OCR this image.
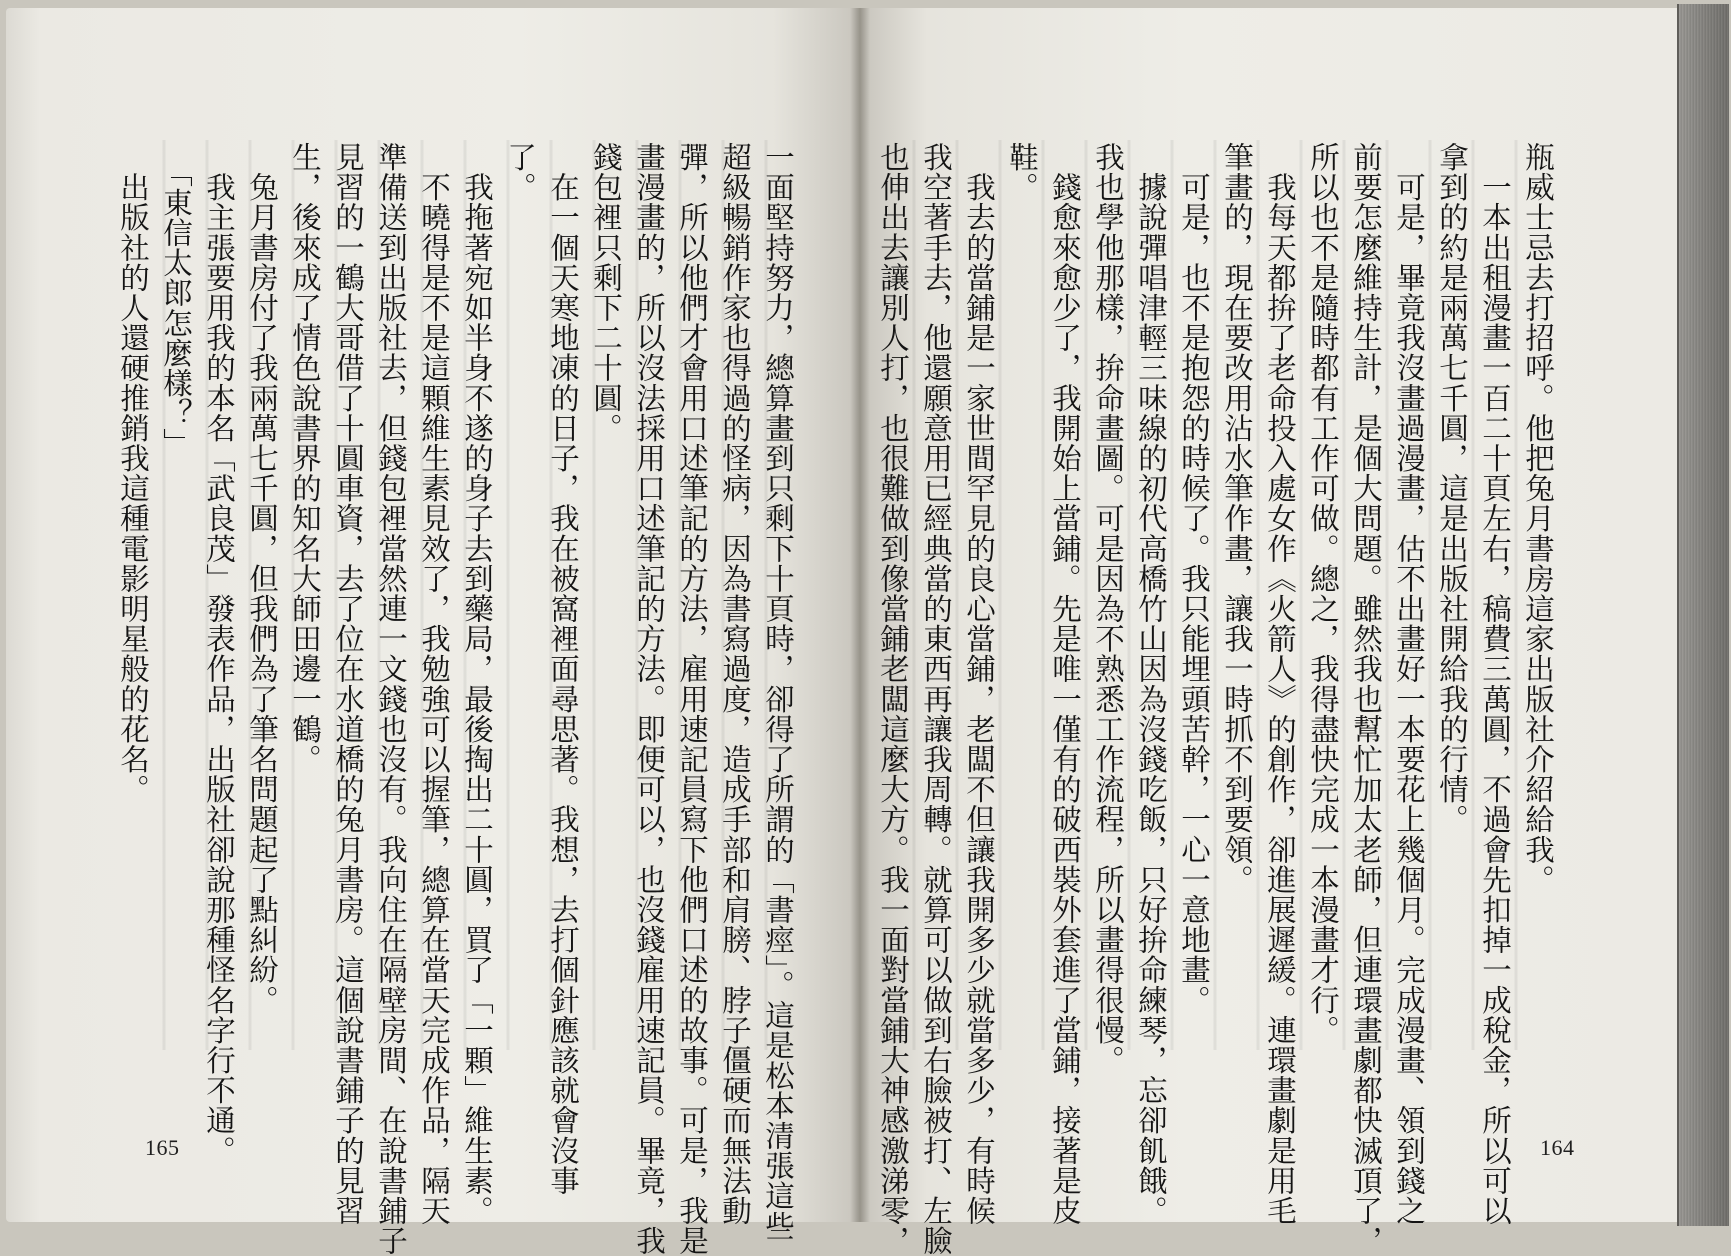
一面堅持努力，總算畫到只剩下十頁時，卻得了所謂的「書痙」。這是松本清張這些

超級暢銷作家也得過的怪病，因為書寫過度，造成手部和肩膀、脖子僵硬而無法動

彈，所以他們才會用口述筆記的方法，雇用速記員寫下他們口述的故事。可是，我是

畫漫畫的，所以沒法採用口述筆記的方法。即便可以，也沒錢雇用速記員。畢竟，我

錢包裡只剩下二十圓。

　在一個天寒地凍的日子，我在被窩裡面尋思著。我想，去打個針應該就會沒事

了。

　我拖著宛如半身不遂的身子去到藥局，最後掏出二十圓，買了「一顆」維生素。

　不曉得是不是這顆維生素見效了，我勉強可以握筆，總算在當天完成作品，隔天

準備送到出版社去，但錢包裡當然連一文錢也沒有。我向住在隔壁房間、在說書鋪子

見習的一鶴大哥借了十圓車資，去了位在水道橋的兔月書房。這個說書鋪子的見習

生，後來成了情色說書界的知名大師田邊一鶴。

　兔月書房付了我兩萬七千圓，但我們為了筆名問題起了點糾紛。

　我主張要用我的本名「武良茂」發表作品，出版社卻說那種怪名字行不通。

　「東信太郎怎麼樣？」

　出版社的人還硬推銷我這種電影明星般的花名。	瓶威士忌去打招呼。他把兔月書房這家出版社介紹給我。

　一本出租漫畫一百二十頁左右，稿費三萬圓，不過會先扣掉一成稅金，所以可以

拿到的約是兩萬七千圓，這是出版社開給我的行情。

　可是，畢竟我沒畫過漫畫，估不出畫好一本要花上幾個月。完成漫畫、領到錢之

前要怎麼維持生計，是個大問題。雖然我也幫忙加太老師，但連環畫劇都快滅頂了，

所以也不是隨時都有工作可做。總之，我得盡快完成一本漫畫才行。

　我每天都拚了老命投入處女作《火箭人》的創作，卻進展遲緩。連環畫劇是用毛

筆畫的，現在要改用沾水筆作畫，讓我一時抓不到要領。

　可是，也不是抱怨的時候了。我只能埋頭苦幹，一心一意地畫。

　據說彈唱津輕三味線的初代高橋竹山因為沒錢吃飯，只好拚命練琴，忘卻飢餓。

我也學他那樣，拚命畫圖。可是因為不熟悉工作流程，所以畫得很慢。

　錢愈來愈少了，我開始上當鋪。先是唯一僅有的破西裝外套進了當鋪，接著是皮

鞋。

　我去的當鋪是一家世間罕見的良心當鋪，老闆不但讓我開多少就當多少，有時候

我空著手去，他還願意用已經典當的東西再讓我周轉。就算可以做到右臉被打、左臉

也伸出去讓別人打，也很難做到像當鋪老闆這麼大方。我一面對當鋪大神感激涕零，

165	164
